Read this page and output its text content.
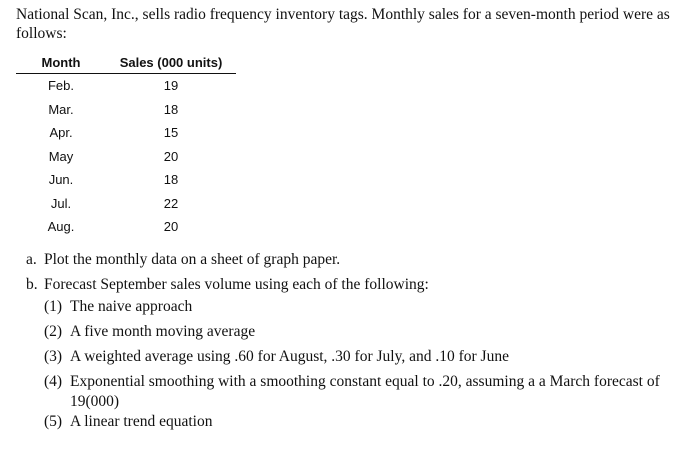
National Scan, Inc., sells radio frequency inventory tags. Monthly sales for a seven-month period were as follows:
Month	Sales (000 units)
Feb.	19
Mar.	18
Apr.	15
May	20
Jun.	18
Jul.	22
Aug.	20
a. Plot the monthly data on a sheet of graph paper.
b. Forecast September sales volume using each of the following:
(1) The naive approach
(2) A five month moving average
(3) A weighted average using .60 for August, .30 for July, and .10 for June
(4) Exponential smoothing with a smoothing constant equal to .20, assuming a a March forecast of
19(000)
(5) A linear trend equation
